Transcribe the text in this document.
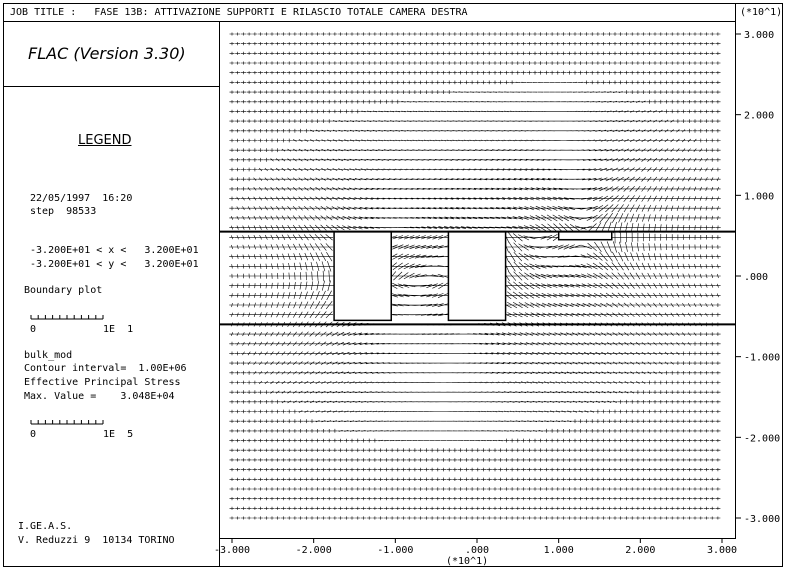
JOB TITLE :   FASE 13B: ATTIVAZIONE SUPPORTI E RILASCIO TOTALE CAMERA DESTRA	(*10^1)
FLAC (Version 3.30)
LEGEND
22/05/1997  16:20
step  98533
-3.200E+01 < x <   3.200E+01
-3.200E+01 < y <   3.200E+01
Boundary plot
0	1E  1
bulk_mod
Contour interval=  1.00E+06
Effective Principal Stress
Max. Value =    3.048E+04
0	1E  5
I.GE.A.S.
V. Reduzzi 9  10134 TORINO
(*10^1)
-3.000	-2.000	-1.000	.000	1.000	2.000	3.000
3.000
2.000
1.000
.000
-1.000
-2.000
-3.000
